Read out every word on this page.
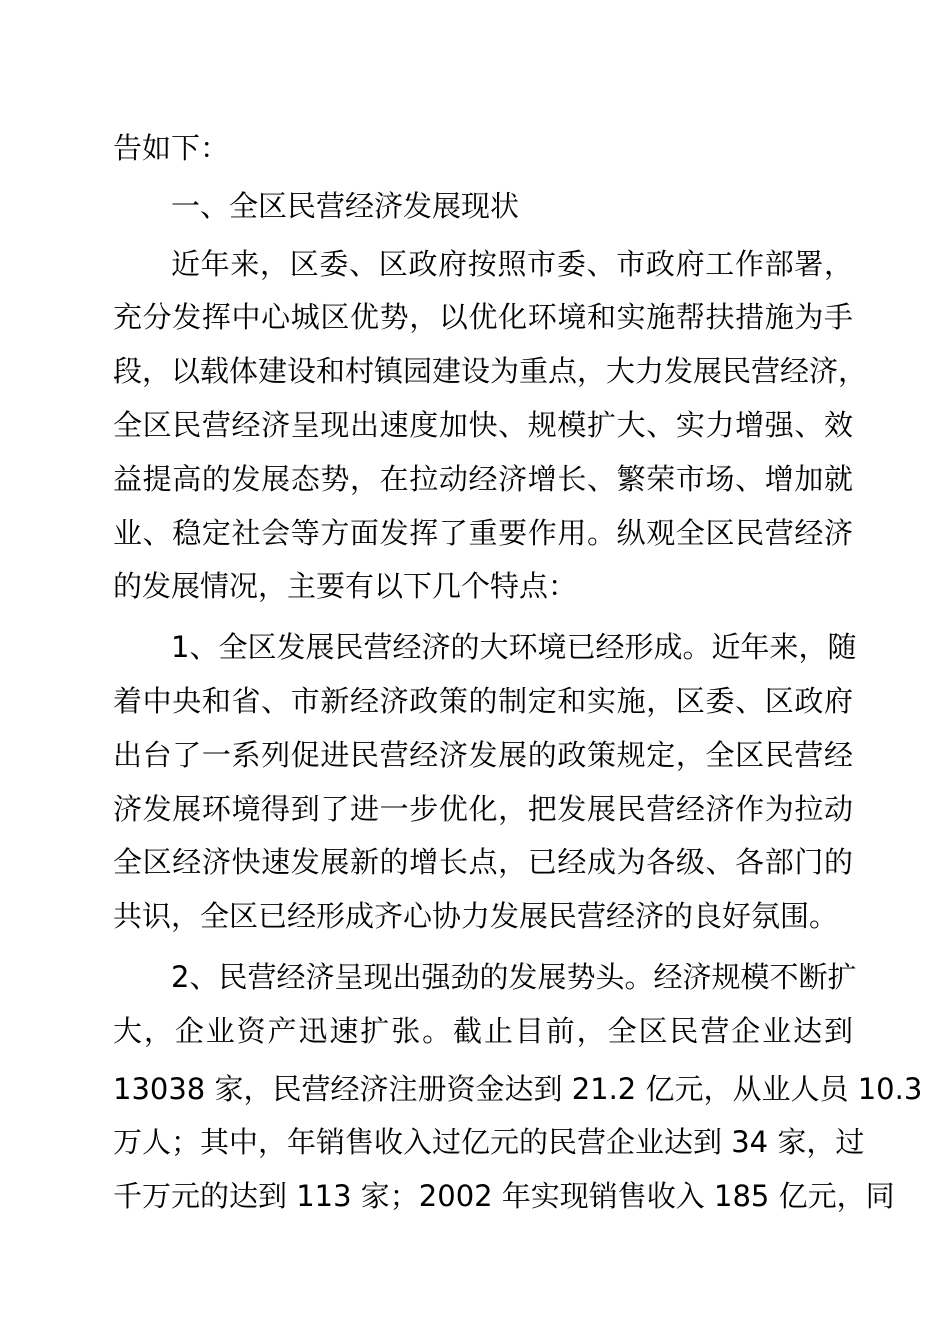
告如下：
一、全区民营经济发展现状
近年来，区委、区政府按照市委、市政府工作部署，
充分发挥中心城区优势，以优化环境和实施帮扶措施为手
段，以载体建设和村镇园建设为重点，大力发展民营经济，
全区民营经济呈现出速度加快、规模扩大、实力增强、效
益提高的发展态势，在拉动经济增长、繁荣市场、增加就
业、稳定社会等方面发挥了重要作用。纵观全区民营经济
的发展情况，主要有以下几个特点：
1、全区发展民营经济的大环境已经形成。近年来，随
着中央和省、市新经济政策的制定和实施，区委、区政府
出台了一系列促进民营经济发展的政策规定，全区民营经
济发展环境得到了进一步优化，把发展民营经济作为拉动
全区经济快速发展新的增长点，已经成为各级、各部门的
共识，全区已经形成齐心协力发展民营经济的良好氛围。
2、民营经济呈现出强劲的发展势头。经济规模不断扩
大，企业资产迅速扩张。截止目前，全区民营企业达到
13038 家，民营经济注册资金达到 21.2 亿元，从业人员 10.3
万人；其中，年销售收入过亿元的民营企业达到 34 家，过
千万元的达到 113 家；2002 年实现销售收入 185 亿元，同
